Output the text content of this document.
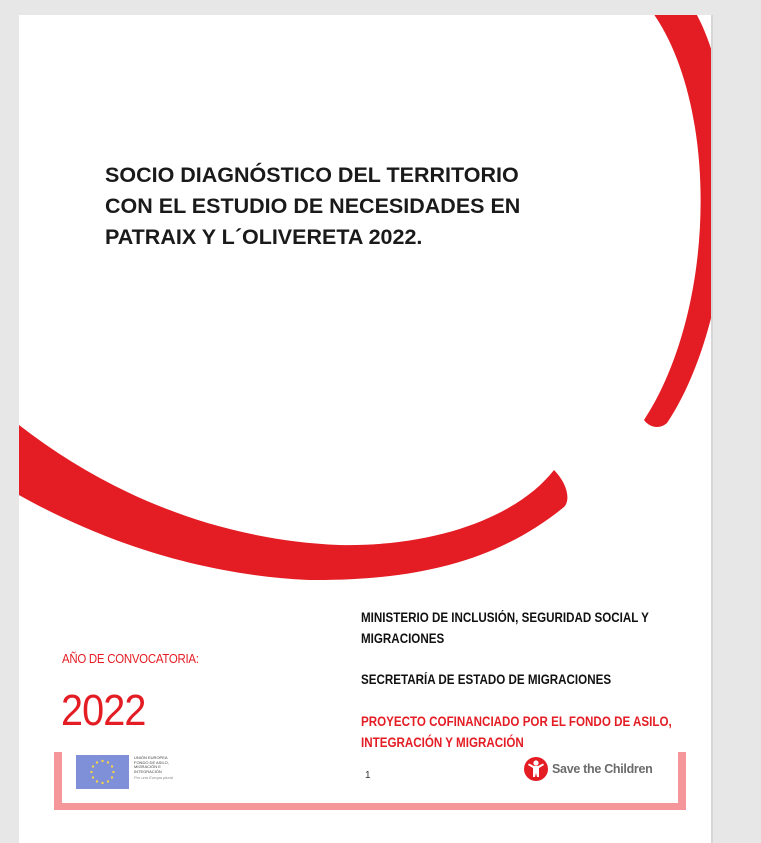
SOCIO DIAGNÓSTICO DEL TERRITORIO
CON EL ESTUDIO DE NECESIDADES EN
PATRAIX Y L´OLIVERETA 2022.
AÑO DE CONVOCATORIA:
2022
MINISTERIO DE INCLUSIÓN, SEGURIDAD SOCIAL Y
MIGRACIONES
SECRETARÍA DE ESTADO DE MIGRACIONES
PROYECTO COFINANCIADO POR EL FONDO DE ASILO,
INTEGRACIÓN Y MIGRACIÓN
UNIÓN EUROPEA
FONDO DE ASILO,
MIGRACIÓN E
INTEGRACIÓN
Por una Europa plural	1	Save the Children
